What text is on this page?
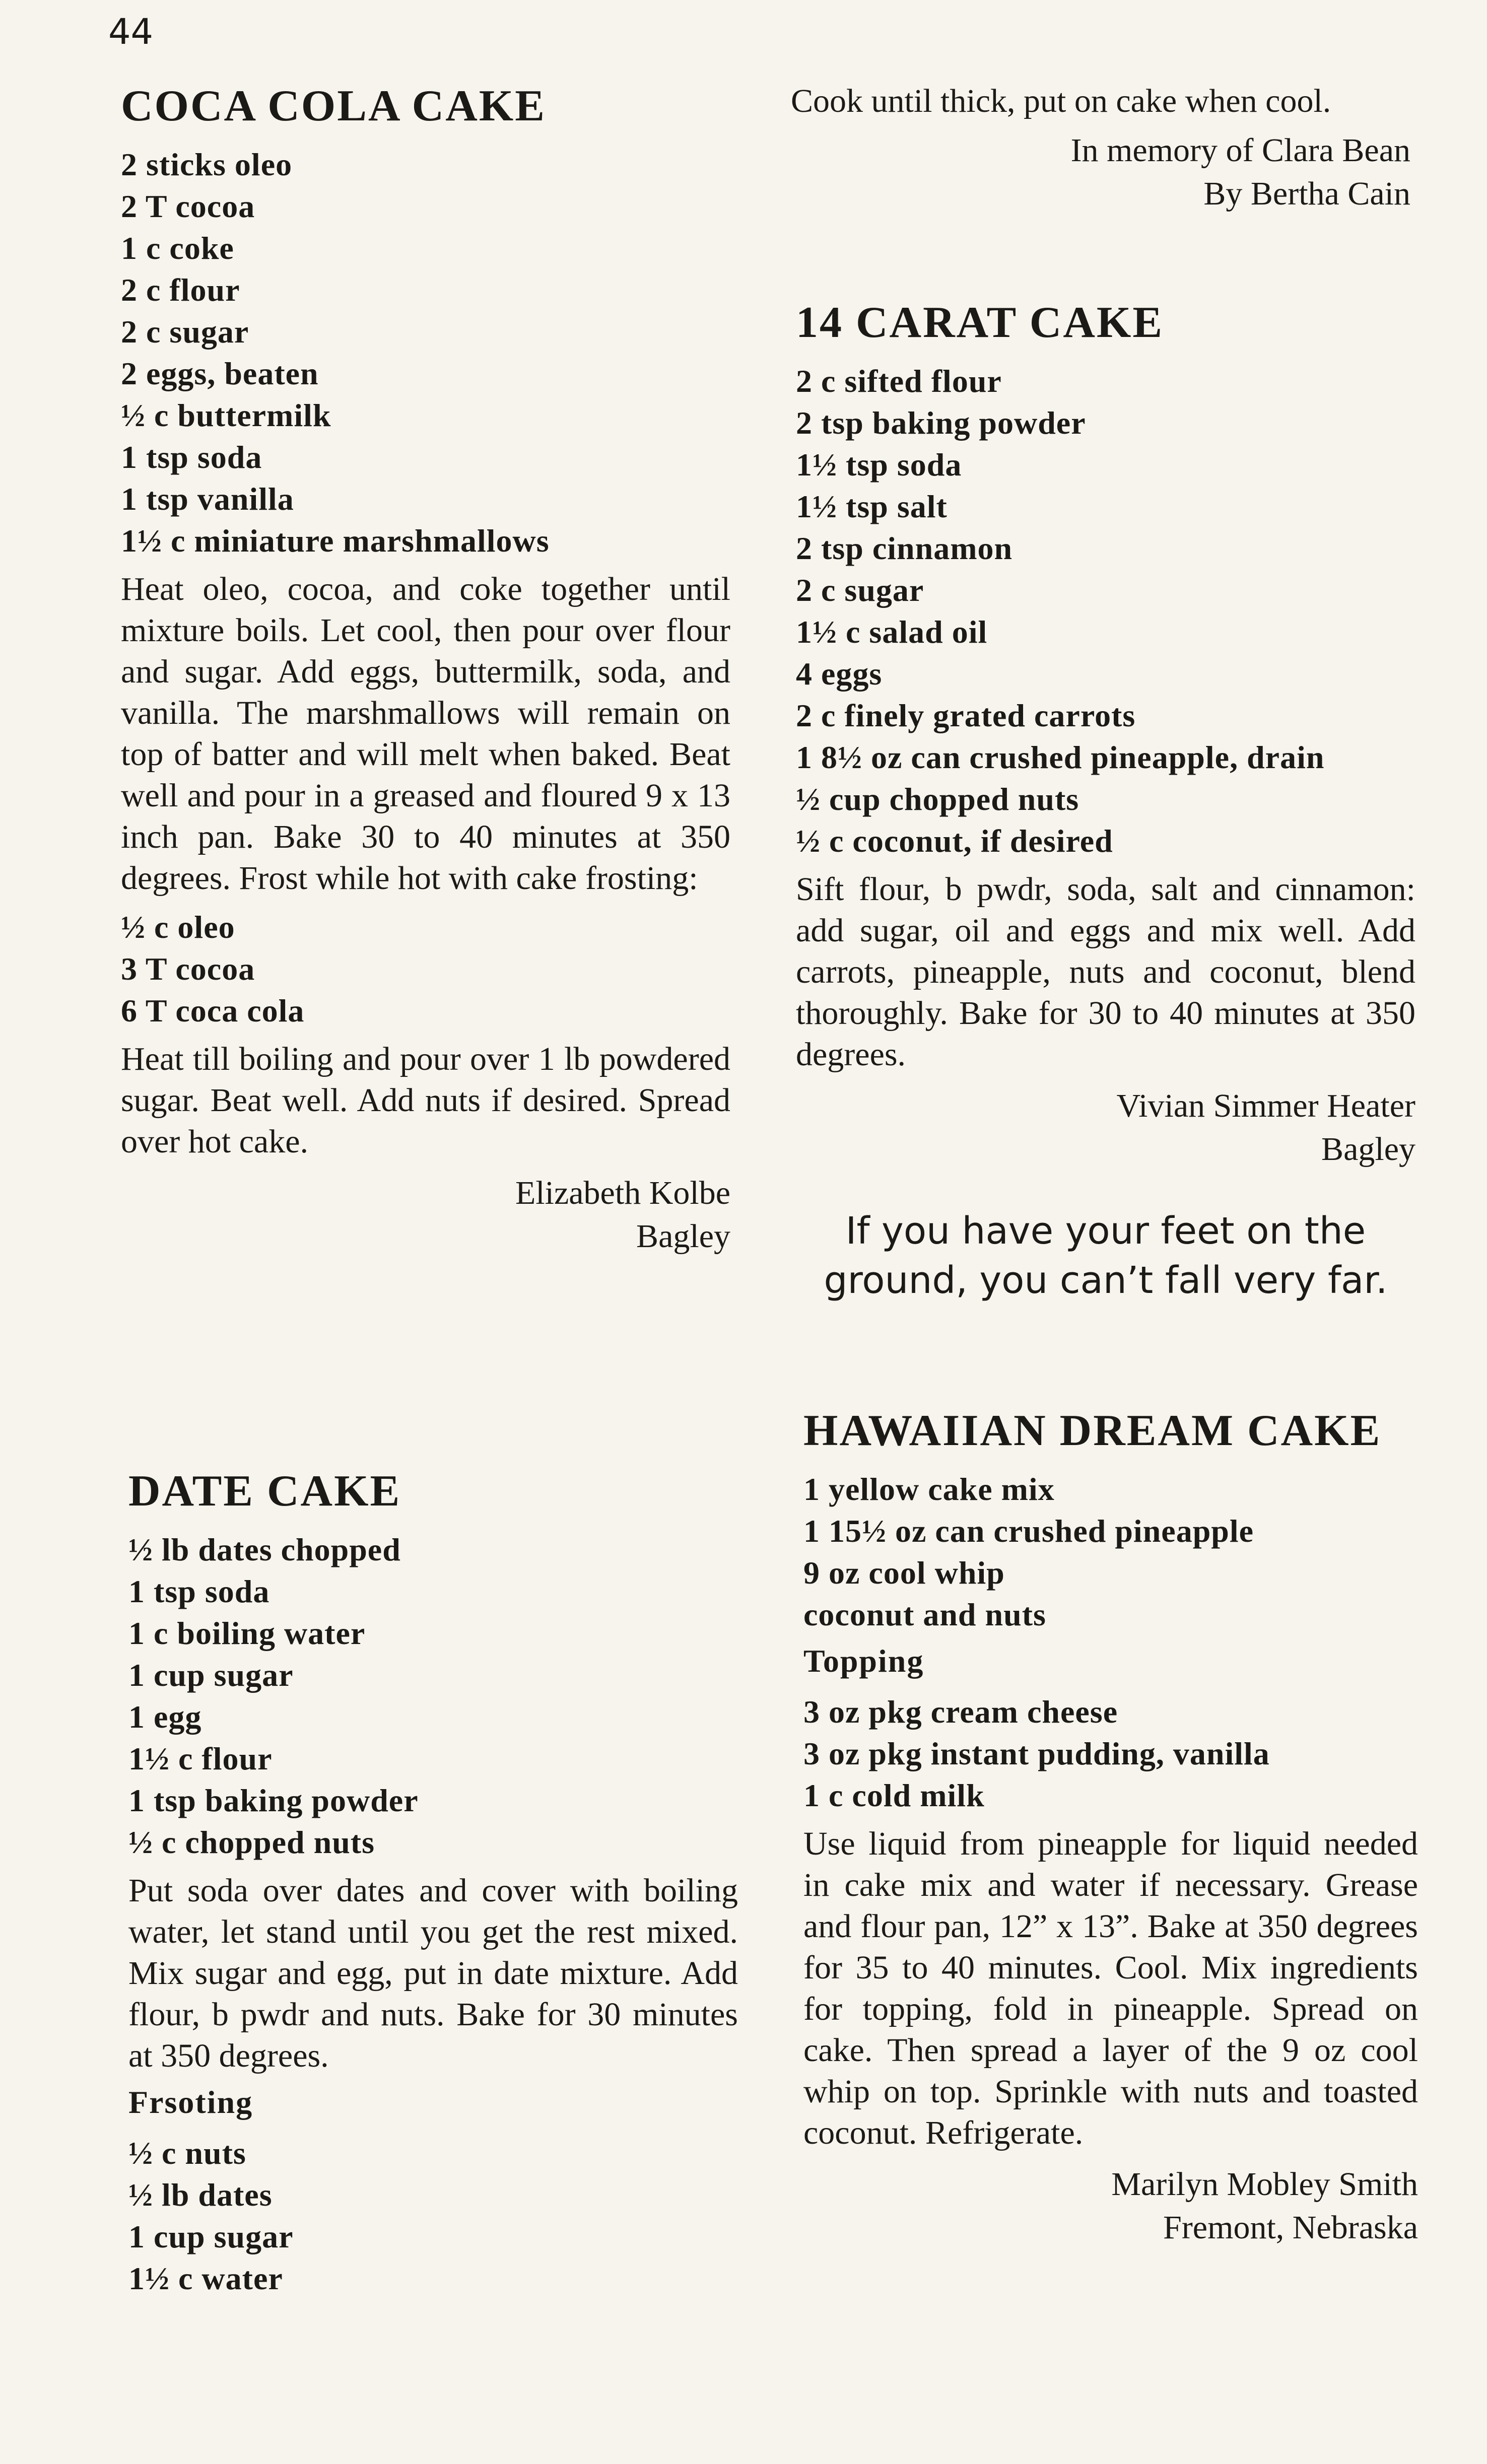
44
COCA COLA CAKE
2 sticks oleo
2 T cocoa
1 c coke
2 c flour
2 c sugar
2 eggs, beaten
½ c buttermilk
1 tsp soda
1 tsp vanilla
1½ c miniature marshmallows

Heat oleo, cocoa, and coke together until mixture boils. Let cool, then pour over flour and sugar. Add eggs, buttermilk, soda, and vanilla. The marshmallows will remain on top of batter and will melt when baked. Beat well and pour in a greased and floured 9 x 13 inch pan. Bake 30 to 40 minutes at 350 degrees. Frost while hot with cake frosting:

½ c oleo
3 T cocoa
6 T coca cola

Heat till boiling and pour over 1 lb powdered sugar. Beat well. Add nuts if desired. Spread over hot cake.

Elizabeth Kolbe
Bagley

Cook until thick, put on cake when cool.

In memory of Clara Bean
By Bertha Cain
14 CARAT CAKE
2 c sifted flour
2 tsp baking powder
1½ tsp soda
1½ tsp salt
2 tsp cinnamon
2 c sugar
1½ c salad oil
4 eggs
2 c finely grated carrots
1 8½ oz can crushed pineapple, drain
½ cup chopped nuts
½ c coconut, if desired

Sift flour, b pwdr, soda, salt and cinnamon: add sugar, oil and eggs and mix well. Add carrots, pineapple, nuts and coconut, blend thoroughly. Bake for 30 to 40 minutes at 350 degrees.

Vivian Simmer Heater
Bagley
If you have your feet on the
ground, you can’t fall very far.
DATE CAKE
½ lb dates chopped
1 tsp soda
1 c boiling water
1 cup sugar
1 egg
1½ c flour
1 tsp baking powder
½ c chopped nuts

Put soda over dates and cover with boiling water, let stand until you get the rest mixed. Mix sugar and egg, put in date mixture. Add flour, b pwdr and nuts. Bake for 30 minutes at 350 degrees.

Frsoting
½ c nuts
½ lb dates
1 cup sugar
1½ c water
HAWAIIAN DREAM CAKE
1 yellow cake mix
1 15½ oz can crushed pineapple
9 oz cool whip
coconut and nuts
Topping
3 oz pkg cream cheese
3 oz pkg instant pudding, vanilla
1 c cold milk

Use liquid from pineapple for liquid needed in cake mix and water if necessary. Grease and flour pan, 12” x 13”. Bake at 350 degrees for 35 to 40 minutes. Cool. Mix ingredients for topping, fold in pineapple. Spread on cake. Then spread a layer of the 9 oz cool whip on top. Sprinkle with nuts and toasted coconut. Refrigerate.

Marilyn Mobley Smith
Fremont, Nebraska
